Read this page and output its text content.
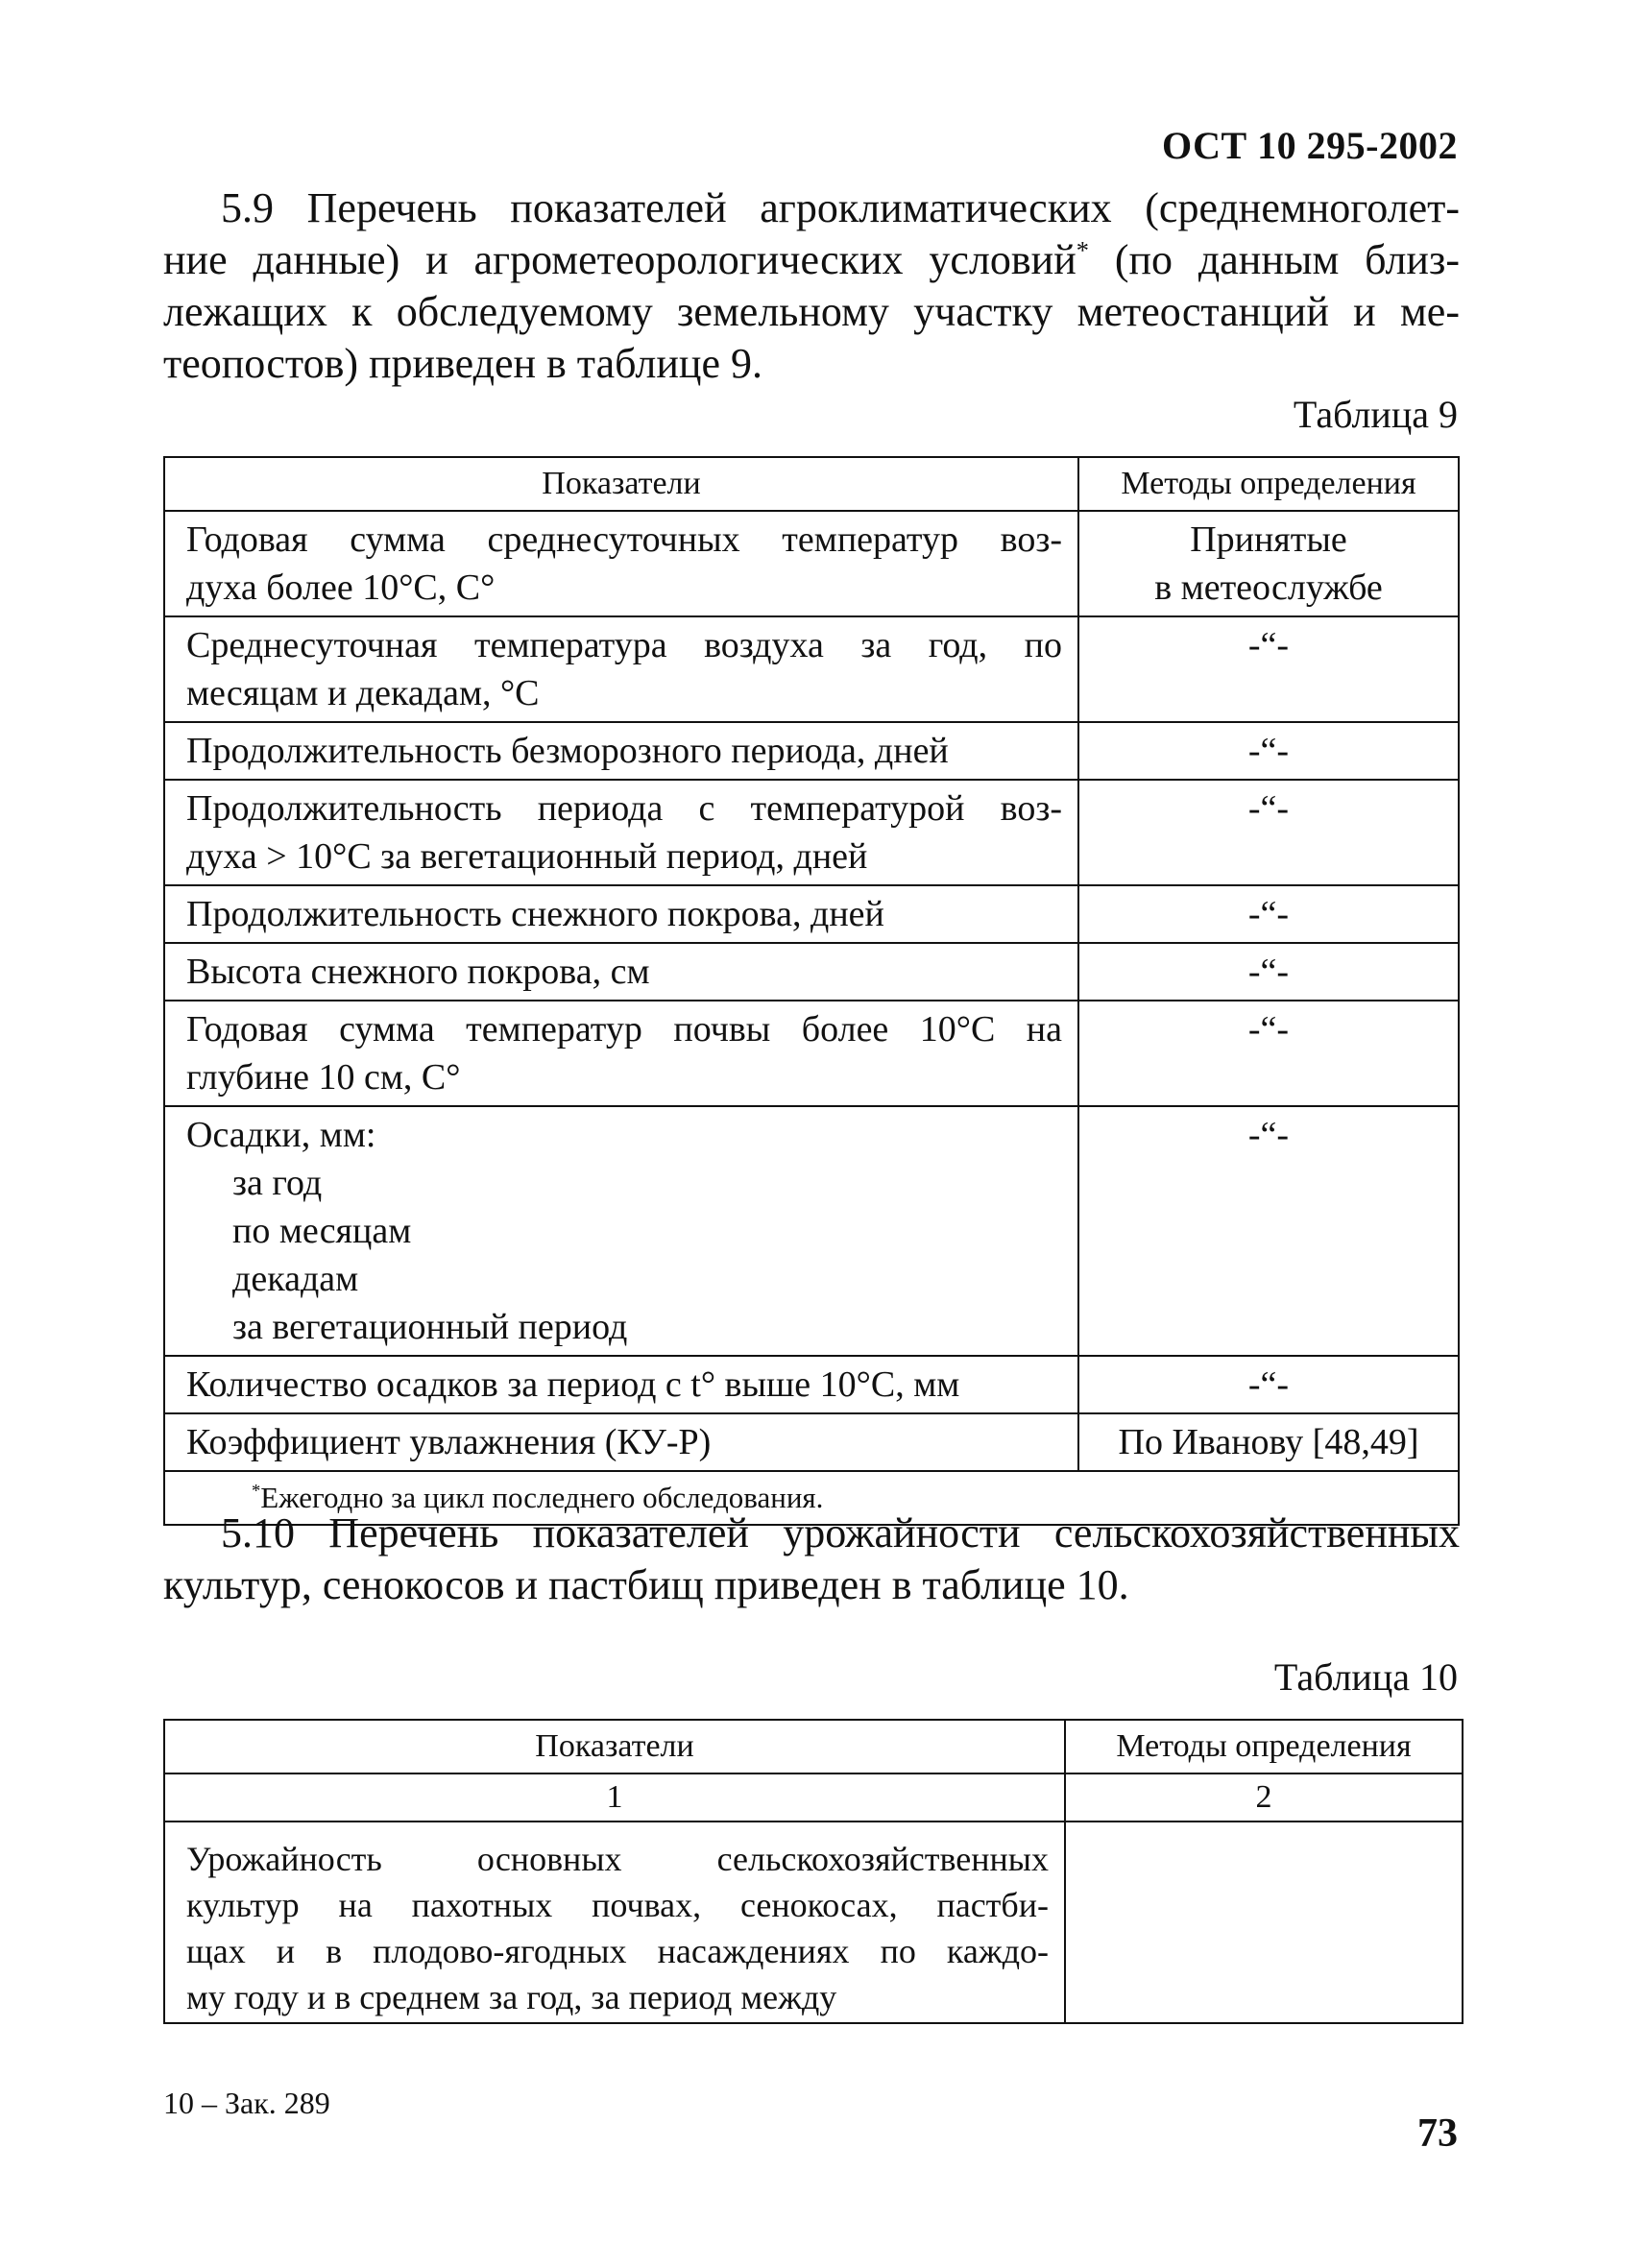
ОСТ 10 295-2002
5.9 Перечень показателей агроклиматических (среднемноголет-
ние данные) и агрометеорологических условий* (по данным близ-
лежащих к обследуемому земельному участку метеостанций и ме-
теопостов) приведен в таблице 9.
Таблица 9
Показатели	Методы определения

Годовая сумма среднесуточных температур воз-
духа более 10°С, С°	Принятые
в метеослужбе

Среднесуточная температура воздуха за год, по
месяцам и декадам, °С	-“-

Продолжительность безморозного периода, дней	-“-

Продолжительность периода с температурой воз-
духа > 10°С за вегетационный период, дней	-“-

Продолжительность снежного покрова, дней	-“-

Высота снежного покрова, см	-“-

Годовая сумма температур почвы более 10°С на
глубине 10 см, С°	-“-

Осадки, мм:
за год
по месяцам
декадам
за вегетационный период	-“-

Количество осадков за период с t° выше 10°С, мм	-“-

Коэффициент увлажнения (КУ-Р)	По Иванову [48,49]

*Ежегодно за цикл последнего обследования.	
5.10 Перечень показателей урожайности сельскохозяйственных
культур, сенокосов и пастбищ приведен в таблице 10.
Таблица 10
Показатели	Методы определения
1	2

Урожайность основных сельскохозяйственных
культур на пахотных почвах, сенокосах, пастби-
щах и в плодово-ягодных насаждениях по каждо-
му году и в среднем за год, за период между	

10 – Зак. 289
73
